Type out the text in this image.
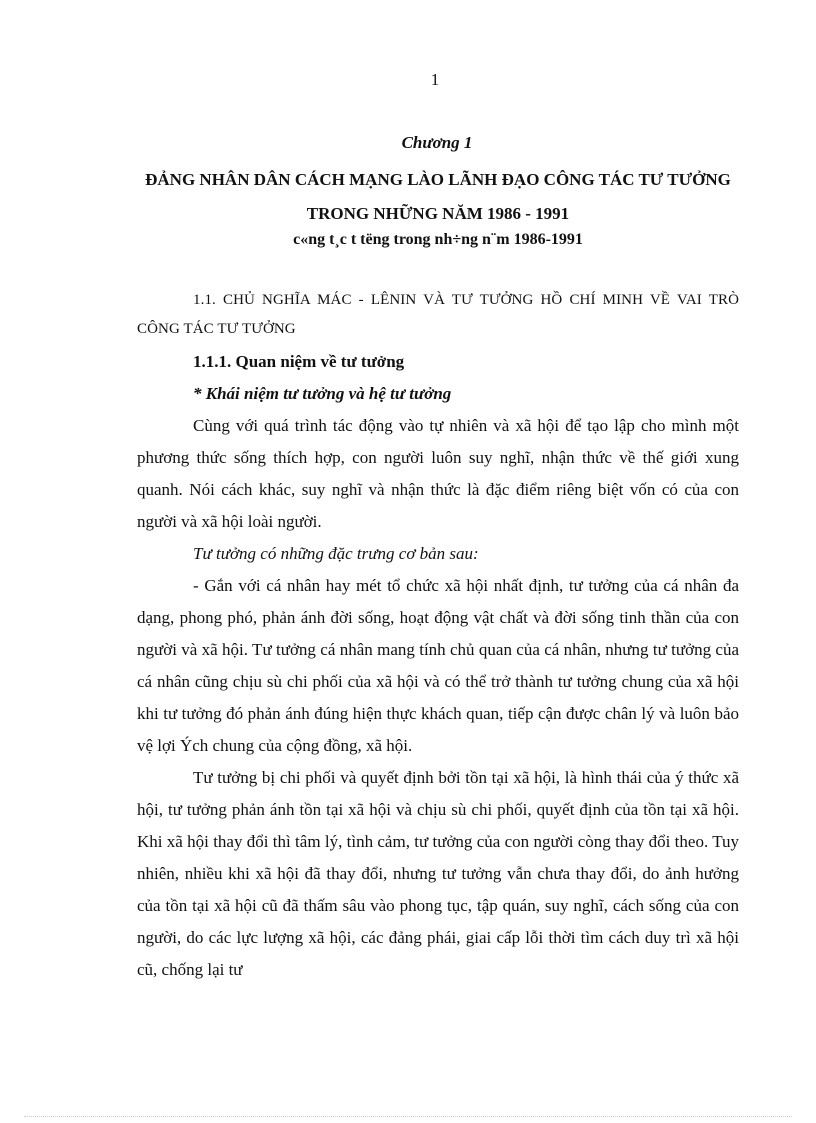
1
Chương 1
ĐẢNG NHÂN DÂN CÁCH MẠNG LÀO LÃNH ĐẠO CÔNG TÁC TƯ TƯỞNG TRONG NHỮNG NĂM 1986 - 1991
c«ng t¸c t tëng trong nh÷ng n¨m 1986-1991

1.1. CHỦ NGHĨA MÁC - LÊNIN VÀ TƯ TƯỞNG HỒ CHÍ MINH VỀ VAI TRÒ CÔNG TÁC TƯ TƯỞNG

1.1.1. Quan niệm về tư tưởng

* Khái niệm tư tưởng và hệ tư tưởng

Cùng với quá trình tác động vào tự nhiên và xã hội để tạo lập cho mình một phương thức sống thích hợp, con người luôn suy nghĩ, nhận thức về thế giới xung quanh. Nói cách khác, suy nghĩ và nhận thức là đặc điểm riêng biệt vốn có của con người và xã hội loài người.

Tư tưởng có những đặc trưng cơ bản sau:

- Gắn với cá nhân hay mét tổ chức xã hội nhất định, tư tưởng của cá nhân đa dạng, phong phó, phản ánh đời sống, hoạt động vật chất và đời sống tinh thần của con người và xã hội. Tư tưởng cá nhân mang tính chủ quan của cá nhân, nhưng tư tưởng của cá nhân cũng chịu sù chi phối của xã hội và có thể trở thành tư tưởng chung của xã hội khi tư tưởng đó phản ánh đúng hiện thực khách quan, tiếp cận được chân lý và luôn bảo vệ lợi Ých chung của cộng đồng, xã hội.

Tư tưởng bị chi phối và quyết định bởi tồn tại xã hội, là hình thái của ý thức xã hội, tư tưởng phản ánh tồn tại xã hội và chịu sù chi phối, quyết định của tồn tại xã hội. Khi xã hội thay đổi thì tâm lý, tình cảm, tư tưởng của con người còng thay đổi theo. Tuy nhiên, nhiều khi xã hội đã thay đổi, nhưng tư tưởng vẫn chưa thay đổi, do ảnh hưởng của tồn tại xã hội cũ đã thấm sâu vào phong tục, tập quán, suy nghĩ, cách sống của con người, do các lực lượng xã hội, các đảng phái, giai cấp lỗi thời tìm cách duy trì xã hội cũ, chống lại tư
